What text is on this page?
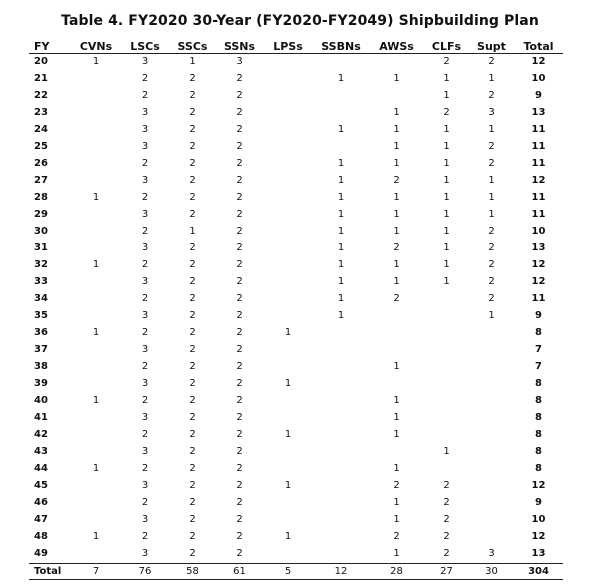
Table 4. FY2020 30-Year (FY2020-FY2049) Shipbuilding Plan
FY	CVNs	LSCs	SSCs	SSNs	LPSs	SSBNs	AWSs	CLFs	Supt	Total
20	1	3	1	3				2	2	12
21		2	2	2		1	1	1	1	10
22		2	2	2				1	2	9
23		3	2	2			1	2	3	13
24		3	2	2		1	1	1	1	11
25		3	2	2			1	1	2	11
26		2	2	2		1	1	1	2	11
27		3	2	2		1	2	1	1	12
28	1	2	2	2		1	1	1	1	11
29		3	2	2		1	1	1	1	11
30		2	1	2		1	1	1	2	10
31		3	2	2		1	2	1	2	13
32	1	2	2	2		1	1	1	2	12
33		3	2	2		1	1	1	2	12
34		2	2	2		1	2		2	11
35		3	2	2		1			1	9
36	1	2	2	2	1					8
37		3	2	2						7
38		2	2	2			1			7
39		3	2	2	1					8
40	1	2	2	2			1			8
41		3	2	2			1			8
42		2	2	2	1		1			8
43		3	2	2				1		8
44	1	2	2	2			1			8
45		3	2	2	1		2	2		12
46		2	2	2			1	2		9
47		3	2	2			1	2		10
48	1	2	2	2	1		2	2		12
49		3	2	2			1	2	3	13
Total	7	76	58	61	5	12	28	27	30	304
